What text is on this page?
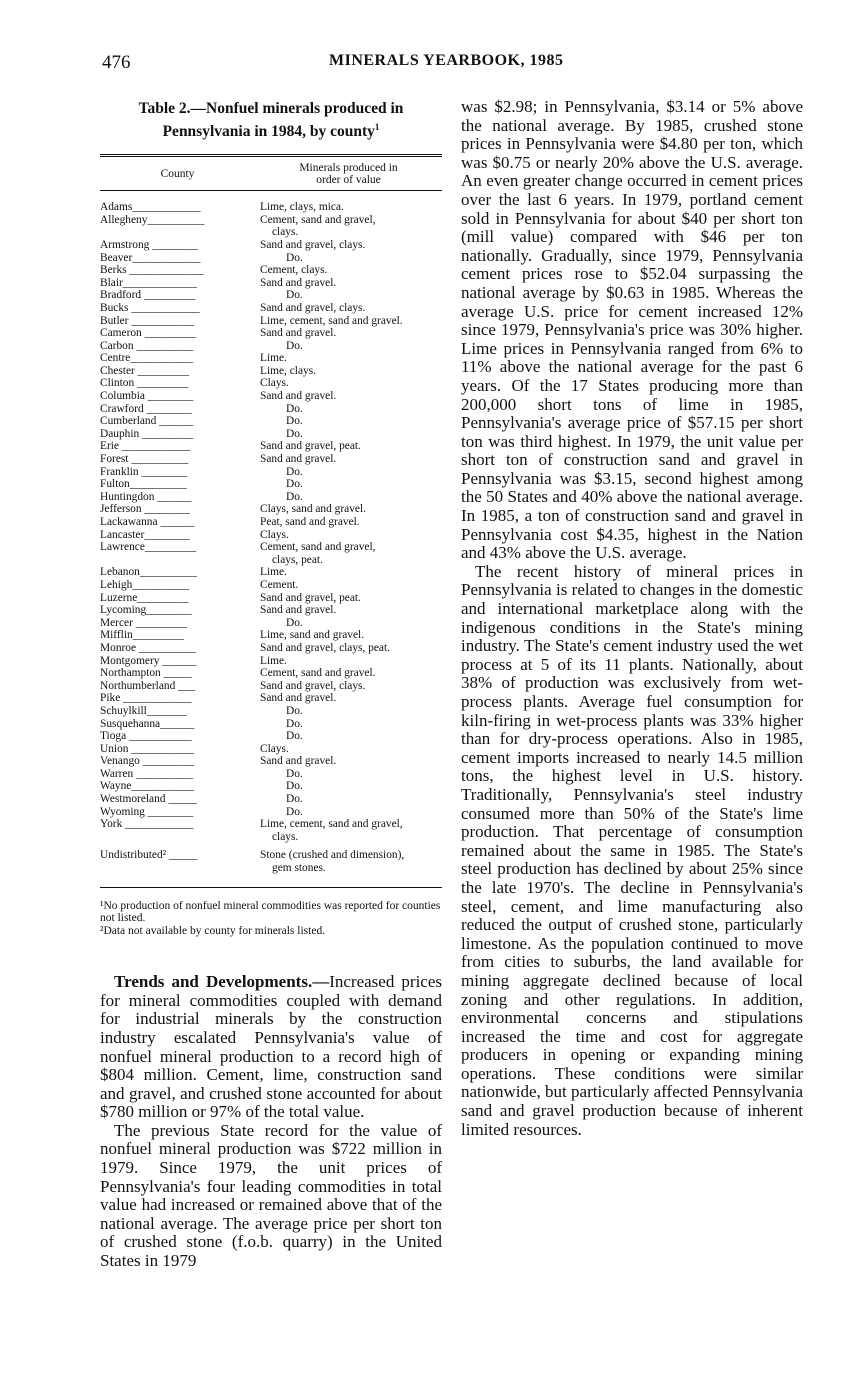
476	MINERALS YEARBOOK, 1985
Table 2.—Nonfuel minerals produced in
Pennsylvania in 1984, by county$^1$
County	Minerals produced in
order of value
Adams____________	Lime, clays, mica.
Allegheny__________	Cement, sand and gravel,
clays.
Armstrong ________	Sand and gravel, clays.
Beaver____________	Do.
Berks _____________	Cement, clays.
Blair_____________	Sand and gravel.
Bradford _________	Do.
Bucks ____________	Sand and gravel, clays.
Butler ___________	Lime, cement, sand and gravel.
Cameron _________	Sand and gravel.
Carbon __________	Do.
Centre___________	Lime.
Chester _________	Lime, clays.
Clinton _________	Clays.
Columbia ________	Sand and gravel.
Crawford ________	Do.
Cumberland ______	Do.
Dauphin _________	Do.
Erie ____________	Sand and gravel, peat.
Forest __________	Sand and gravel.
Franklin ________	Do.
Fulton__________	Do.
Huntingdon ______	Do.
Jefferson ________	Clays, sand and gravel.
Lackawanna ______	Peat, sand and gravel.
Lancaster________	Clays.
Lawrence_________	Cement, sand and gravel,
clays, peat.
Lebanon__________	Lime.
Lehigh__________	Cement.
Luzerne_________	Sand and gravel, peat.
Lycoming________	Sand and gravel.
Mercer _________	Do.
Mifflin_________	Lime, sand and gravel.
Monroe __________	Sand and gravel, clays, peat.
Montgomery ______	Lime.
Northampton _____	Cement, sand and gravel.
Northumberland ___	Sand and gravel, clays.
Pike ____________	Sand and gravel.
Schuylkill_______	Do.
Susquehanna______	Do.
Tioga ___________	Do.
Union ___________	Clays.
Venango _________	Sand and gravel.
Warren __________	Do.
Wayne___________	Do.
Westmoreland _____	Do.
Wyoming ________	Do.
York ____________	Lime, cement, sand and gravel,
clays.
Undistributed² _____	Stone (crushed and dimension),
gem stones.

¹No production of nonfuel mineral commodities was reported for counties not listed.

²Data not available by county for minerals listed.

Trends and Developments.—Increased prices for mineral commodities coupled with demand for industrial minerals by the construction industry escalated Pennsylvania's value of nonfuel mineral production to a record high of $804 million. Cement, lime, construction sand and gravel, and crushed stone accounted for about $780 million or 97% of the total value.

The previous State record for the value of nonfuel mineral production was $722 million in 1979. Since 1979, the unit prices of Pennsylvania's four leading commodities in total value had increased or remained above that of the national average. The average price per short ton of crushed stone (f.o.b. quarry) in the United States in 1979

was $2.98; in Pennsylvania, $3.14 or 5% above the national average. By 1985, crushed stone prices in Pennsylvania were $4.80 per ton, which was $0.75 or nearly 20% above the U.S. average. An even greater change occurred in cement prices over the last 6 years. In 1979, portland cement sold in Pennsylvania for about $40 per short ton (mill value) compared with $46 per ton nationally. Gradually, since 1979, Pennsylvania cement prices rose to $52.04 surpassing the national average by $0.63 in 1985. Whereas the average U.S. price for cement increased 12% since 1979, Pennsylvania's price was 30% higher. Lime prices in Pennsylvania ranged from 6% to 11% above the national average for the past 6 years. Of the 17 States producing more than 200,000 short tons of lime in 1985, Pennsylvania's average price of $57.15 per short ton was third highest. In 1979, the unit value per short ton of construction sand and gravel in Pennsylvania was $3.15, second highest among the 50 States and 40% above the national average. In 1985, a ton of construction sand and gravel in Pennsylvania cost $4.35, highest in the Nation and 43% above the U.S. average.

The recent history of mineral prices in Pennsylvania is related to changes in the domestic and international marketplace along with the indigenous conditions in the State's mining industry. The State's cement industry used the wet process at 5 of its 11 plants. Nationally, about 38% of production was exclusively from wet-process plants. Average fuel consumption for kiln-firing in wet-process plants was 33% higher than for dry-process operations. Also in 1985, cement imports increased to nearly 14.5 million tons, the highest level in U.S. history. Traditionally, Pennsylvania's steel industry consumed more than 50% of the State's lime production. That percentage of consumption remained about the same in 1985. The State's steel production has declined by about 25% since the late 1970's. The decline in Pennsylvania's steel, cement, and lime manufacturing also reduced the output of crushed stone, particularly limestone. As the population continued to move from cities to suburbs, the land available for mining aggregate declined because of local zoning and other regulations. In addition, environmental concerns and stipulations increased the time and cost for aggregate producers in opening or expanding mining operations. These conditions were similar nationwide, but particularly affected Pennsylvania sand and gravel production because of inherent limited resources.
